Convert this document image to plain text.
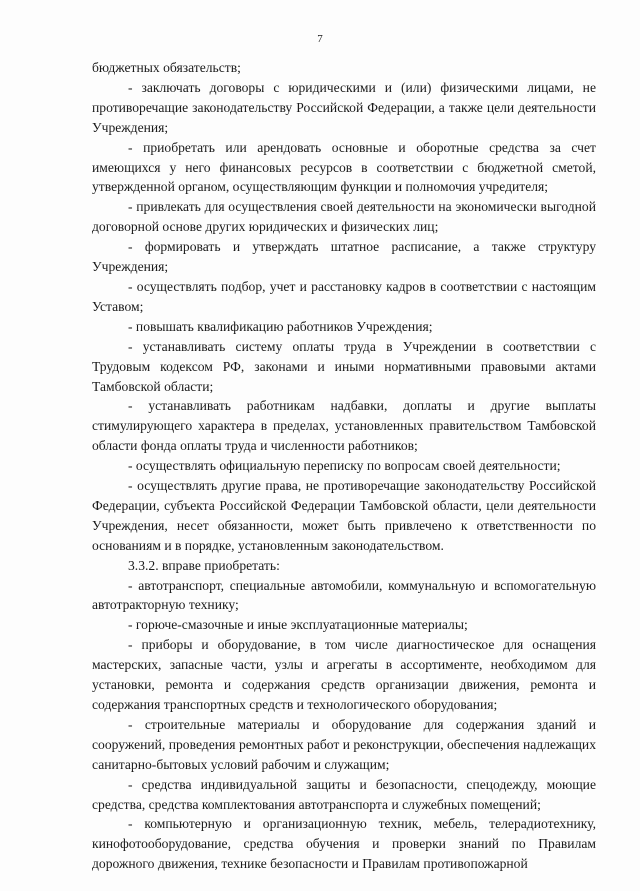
7

бюджетных обязательств;

- заключать договоры с юридическими и (или) физическими лицами, не противоречащие законодательству Российской Федерации, а также цели деятельности Учреждения;

- приобретать или арендовать основные и оборотные средства за счет имеющихся у него финансовых ресурсов в соответствии с бюджетной сметой, утвержденной органом, осуществляющим функции и полномочия учредителя;

- привлекать для осуществления своей деятельности на экономически выгодной договорной основе других юридических и физических лиц;

- формировать и утверждать штатное расписание, а также структуру Учреждения;

- осуществлять подбор, учет и расстановку кадров в соответствии с настоящим Уставом;

- повышать квалификацию работников Учреждения;

- устанавливать систему оплаты труда в Учреждении в соответствии с Трудовым кодексом РФ, законами и иными нормативными правовыми актами Тамбовской области;

- устанавливать работникам надбавки, доплаты и другие выплаты стимулирующего характера в пределах, установленных правительством Тамбовской области фонда оплаты труда и численности работников;

- осуществлять официальную переписку по вопросам своей деятельности;

- осуществлять другие права, не противоречащие законодательству Российской Федерации, субъекта Российской Федерации Тамбовской области, цели деятельности Учреждения, несет обязанности, может быть привлечено к ответственности по основаниям и в порядке, установленным законодательством.

3.3.2. вправе приобретать:

- автотранспорт, специальные автомобили, коммунальную и вспомогательную автотракторную технику;

- горюче-смазочные и иные эксплуатационные материалы;

- приборы и оборудование, в том числе диагностическое для оснащения мастерских, запасные части, узлы и агрегаты в ассортименте, необходимом для установки, ремонта и содержания средств организации движения, ремонта и содержания транспортных средств и технологического оборудования;

- строительные материалы и оборудование для содержания зданий и сооружений, проведения ремонтных работ и реконструкции, обеспечения надлежащих санитарно-бытовых условий рабочим и служащим;

- средства индивидуальной защиты и безопасности, спецодежду, моющие средства, средства комплектования автотранспорта и служебных помещений;

- компьютерную и организационную техник, мебель, телерадиотехнику, кинофотооборудование, средства обучения и проверки знаний по Правилам дорожного движения, технике безопасности и Правилам противопожарной
